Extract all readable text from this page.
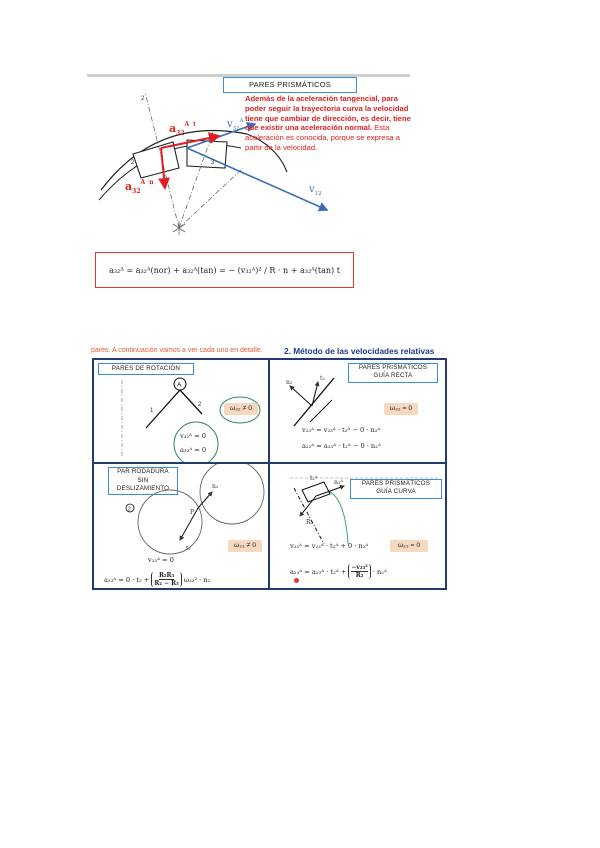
PARES PRISMÁTICOS
2
2	3
$a_{32}^A$ t
$a_{32}^A$ n
$v_{32}^A$
$v_{12}$
Además de la aceleración tangencial, para poder seguir la trayectoria curva la velocidad tiene que cambiar de dirección, es decir, tiene que existir una aceleración normal. Esta aceleración es conocida, porque se expresa a partir de la velocidad.
a₃₂ᴬ = a₃₂ᴬ(nor) + a₃₂ᴬ(tan) = − (v₃₂ᴬ)² / R · n + a₃₂ᴬ(tan) t
pares. A continuación vamos a ver cada uno en detalle.	2. Método de las velocidades relativas
PARES DE ROTACIÓN
A
1
2	ω₃₂ ≠ 0
v₃₂ᴬ = 0
a₃₂ᴬ = 0
PARES PRISMÁTICOS
GUÍA RECTA
n₂
t₂
ω₃₂ = 0
v₂₃ᴬ = v₂₃ᴬ · t₂ᴬ − 0 · n₂ᴬ
a₂₃ᴬ = a₂₃ᴬ · t₂ᴬ − 0 · n₂ᴬ
PAR RODADURA
SIN
DESLIZAMIENTO
2
t₂
n₂
P
ω₂₃ ≠ 0
v₂₃ᴬ = 0
a₂₃ᴬ = $0 \cdot t_2 + \frac{\text{R₂R₃}}{\text{R₂ − R₃}} \omega_{23}^2 \cdot n_2$
PARES PRISMÁTICOS
GUÍA CURVA
R₂
n₂ᴬ
t₂ᴬ
ω₂₃ = 0
v₂₃ᴬ = v₂₃ᴬ · t₂ᴬ + 0 · n₂ᴬ
a₂₃ᴬ = a₂₃ᴬ · t₂ᴬ + $\frac{\text{−v₂₃²}}{\text{R₂}}$ · n₂ᴬ
